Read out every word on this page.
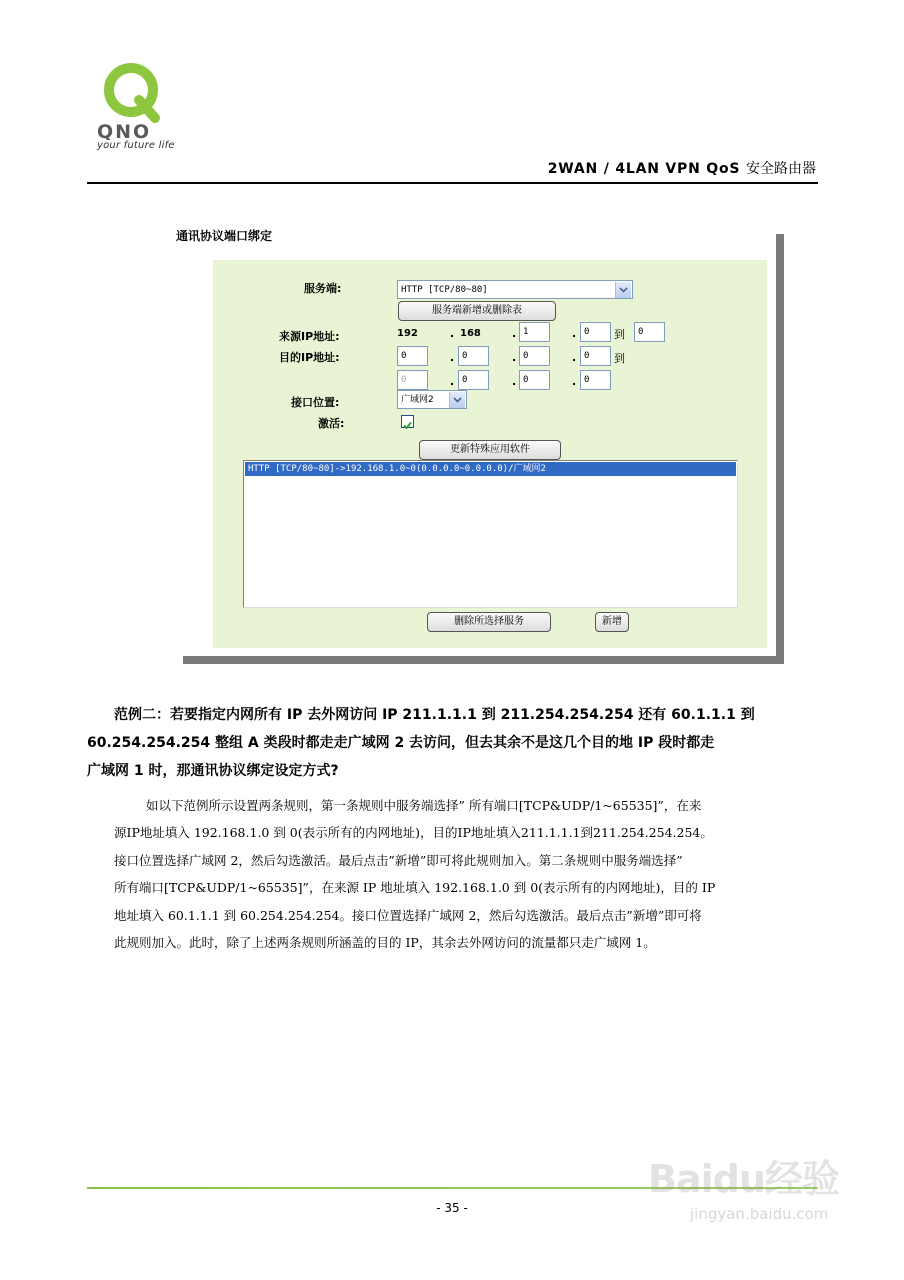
QNO
your future life
2WAN / 4LAN VPN QoS 安全路由器
通讯协议端口绑定
服务端:	HTTP [TCP/80~80]
服务端新增或删除表
来源IP地址:	192	. 168	. 1	. 0	到	0
目的IP地址:	0	. 0	. 0	. 0	到
0	. 0	. 0	. 0
接口位置:	广域网2
激活:
更新特殊应用软件
HTTP [TCP/80~80]->192.168.1.0~0(0.0.0.0~0.0.0.0)/广域网2
删除所选择服务	新增
范例二：若要指定内网所有 IP 去外网访问 IP 211.1.1.1 到 211.254.254.254 还有 60.1.1.1 到
60.254.254.254 整组 A 类段时都走走广域网 2 去访问，但去其余不是这几个目的地 IP 段时都走
广域网 1 时，那通讯协议绑定设定方式?
如以下范例所示设置两条规则，第一条规则中服务端选择” 所有端口[TCP&UDP/1~65535]”，在来
源IP地址填入 192.168.1.0 到 0(表示所有的内网地址)，目的IP地址填入211.1.1.1到211.254.254.254。
接口位置选择广域网 2，然后勾选激活。最后点击”新增”即可将此规则加入。第二条规则中服务端选择”
所有端口[TCP&UDP/1~65535]”，在来源 IP 地址填入 192.168.1.0 到 0(表示所有的内网地址)，目的 IP
地址填入 60.1.1.1 到 60.254.254.254。接口位置选择广域网 2，然后勾选激活。最后点击”新增”即可将
此规则加入。此时，除了上述两条规则所涵盖的目的 IP，其余去外网访问的流量都只走广域网 1。
- 35 -
Baidu经验
jingyan.baidu.com
